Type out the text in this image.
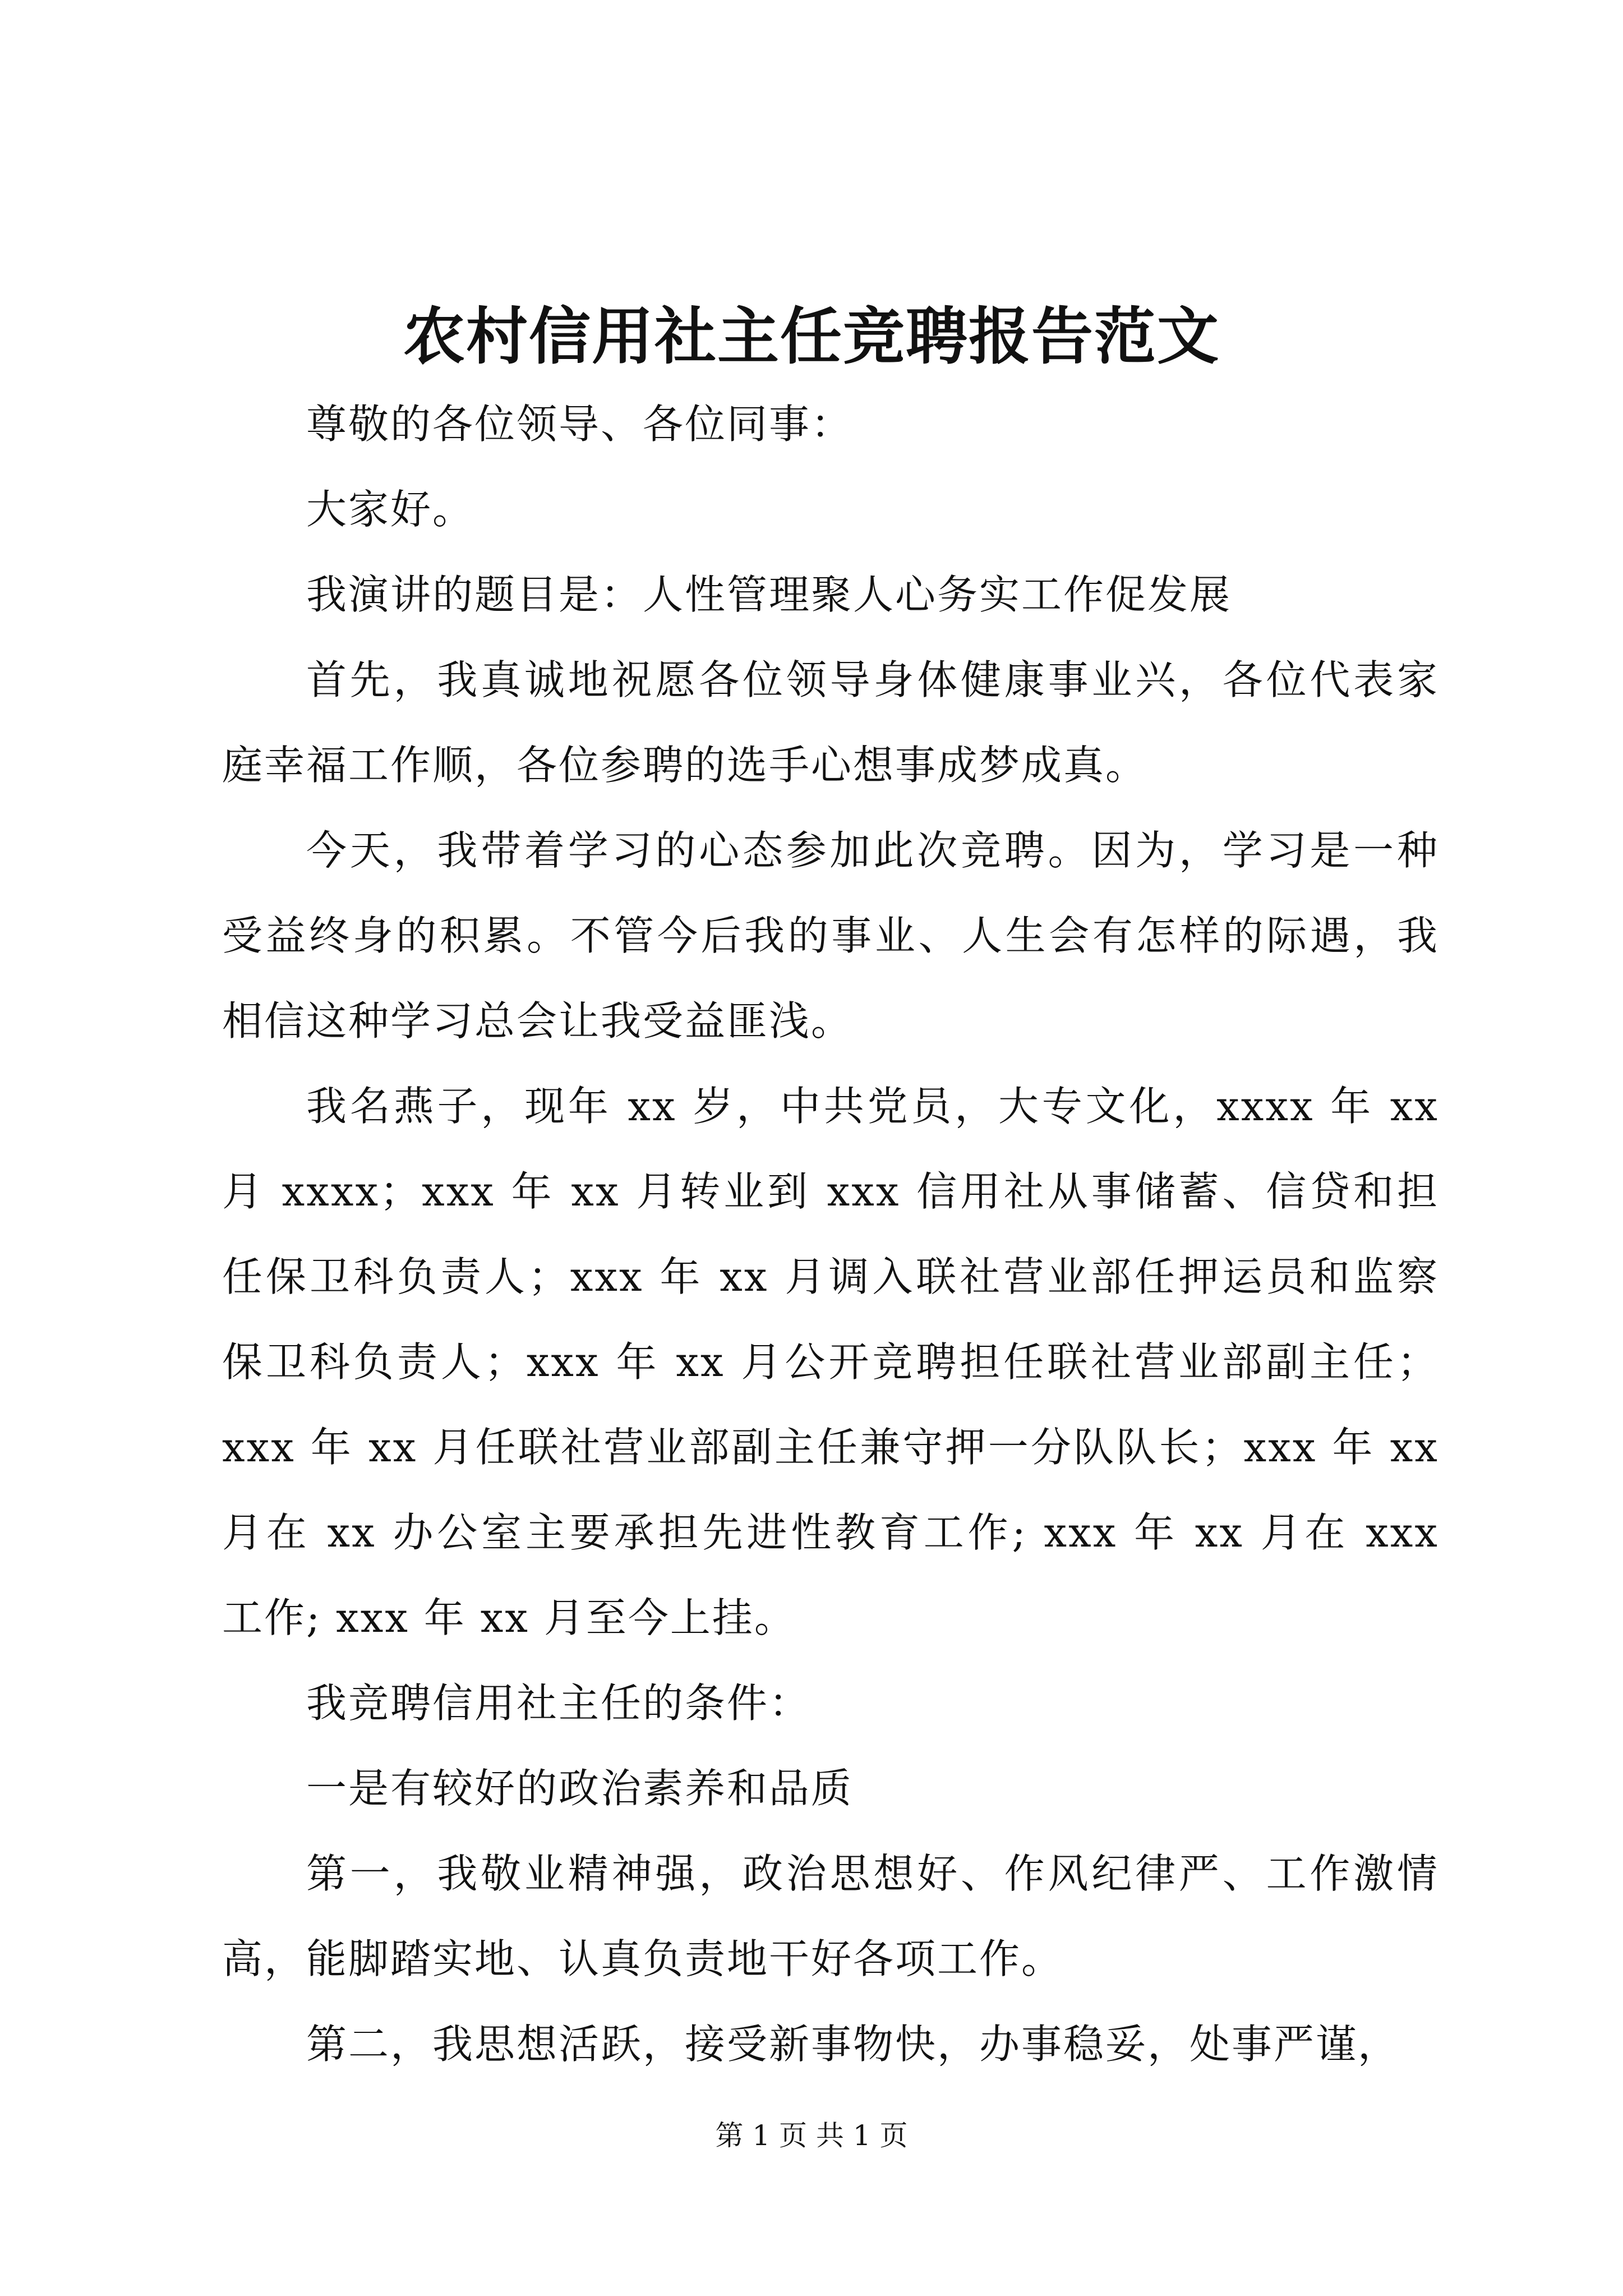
农村信用社主任竞聘报告范文

尊敬的各位领导、各位同事：

大家好。

我演讲的题目是：人性管理聚人心务实工作促发展

首先，我真诚地祝愿各位领导身体健康事业兴，各位代表家庭幸福工作顺，各位参聘的选手心想事成梦成真。

今天，我带着学习的心态参加此次竞聘。因为，学习是一种受益终身的积累。不管今后我的事业、人生会有怎样的际遇，我相信这种学习总会让我受益匪浅。

我名燕子，现年 xx 岁，中共党员，大专文化，xxxx 年 xx 月 xxxx；xxx 年 xx 月转业到 xxx 信用社从事储蓄、信贷和担任保卫科负责人；xxx 年 xx 月调入联社营业部任押运员和监察保卫科负责人；xxx 年 xx 月公开竞聘担任联社营业部副主任；xxx 年 xx 月任联社营业部副主任兼守押一分队队长；xxx 年 xx 月在 xx 办公室主要承担先进性教育工作; xxx 年 xx 月在 xxx 工作; xxx 年 xx 月至今上挂。

我竞聘信用社主任的条件：

一是有较好的政治素养和品质

第一，我敬业精神强，政治思想好、作风纪律严、工作激情高，能脚踏实地、认真负责地干好各项工作。

第二，我思想活跃，接受新事物快，办事稳妥，处事严谨，

第 1 页 共 1 页
